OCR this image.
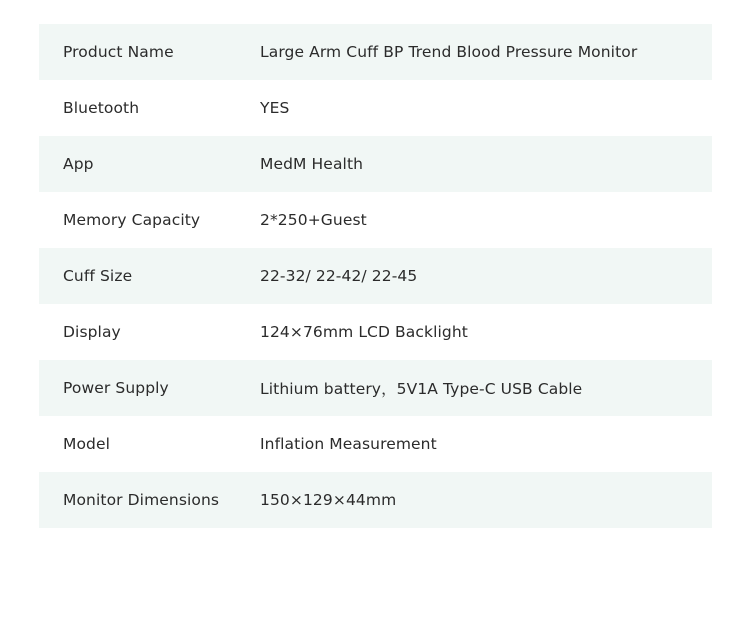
Product Name	Large Arm Cuff BP Trend Blood Pressure Monitor
Bluetooth	YES
App	MedM Health
Memory Capacity	2*250+Guest
Cuff Size	22-32/ 22-42/ 22-45
Display	124×76mm LCD Backlight
Power Supply	Lithium battery，5V1A Type-C USB Cable
Model	Inflation Measurement
Monitor Dimensions	150×129×44mm
